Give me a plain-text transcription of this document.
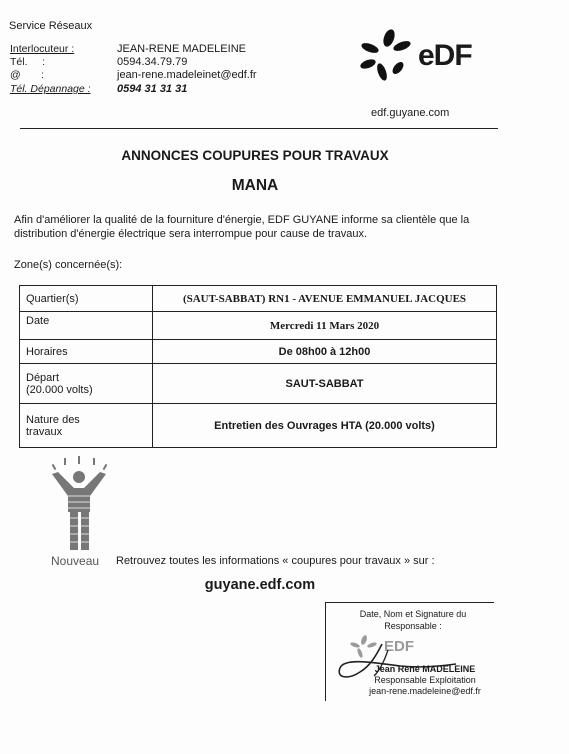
Service Réseaux
Interlocuteur :	JEAN-RENE MADELEINE
Tél.     :	0594.34.79.79
@       :	jean-rene.madeleinet@edf.fr
Tél. Dépannage : 0594 31 31 31
eDF
edf.guyane.com
ANNONCES COUPURES POUR TRAVAUX
MANA
Afin d'améliorer la qualité de la fourniture d'énergie, EDF GUYANE informe sa clientèle que la
distribution d'énergie électrique sera interrompue pour cause de travaux.
Zone(s) concernée(s):
Quartier(s)	(SAUT-SABBAT) RN1 - AVENUE EMMANUEL JACQUES
Date	Mercredi 11 Mars 2020
Horaires	De 08h00 à 12h00
Départ
(20.000 volts)	SAUT-SABBAT
Nature des
travaux	Entretien des Ouvrages HTA (20.000 volts)
Nouveau Retrouvez toutes les informations « coupures pour travaux » sur :
guyane.edf.com
Date, Nom et Signature du
Responsable :
EDF
Jean René MADELEINE
Responsable Exploitation
jean-rene.madeleine@edf.fr
